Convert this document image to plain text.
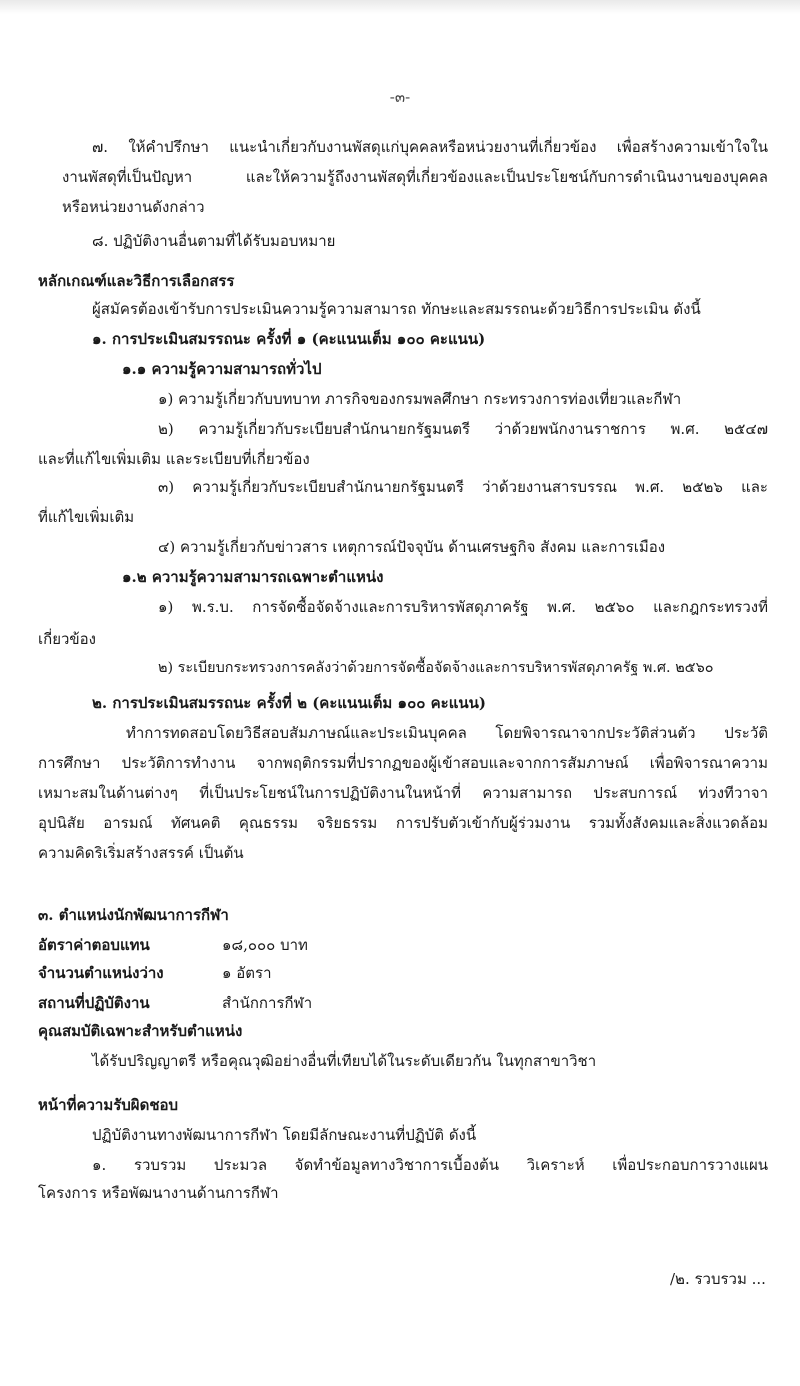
-๓-
๗. ให้คำปรึกษา แนะนำเกี่ยวกับงานพัสดุแก่บุคคลหรือหน่วยงานที่เกี่ยวข้อง เพื่อสร้างความเข้าใจใน
งานพัสดุที่เป็นปัญหา และให้ความรู้ถึงงานพัสดุที่เกี่ยวข้องและเป็นประโยชน์กับการดำเนินงานของบุคคล
หรือหน่วยงานดังกล่าว
๘. ปฏิบัติงานอื่นตามที่ได้รับมอบหมาย
หลักเกณฑ์และวิธีการเลือกสรร
ผู้สมัครต้องเข้ารับการประเมินความรู้ความสามารถ ทักษะและสมรรถนะด้วยวิธีการประเมิน ดังนี้
๑. การประเมินสมรรถนะ ครั้งที่ ๑ (คะแนนเต็ม ๑๐๐ คะแนน)
๑.๑ ความรู้ความสามารถทั่วไป
๑) ความรู้เกี่ยวกับบทบาท ภารกิจของกรมพลศึกษา กระทรวงการท่องเที่ยวและกีฬา
๒) ความรู้เกี่ยวกับระเบียบสำนักนายกรัฐมนตรี ว่าด้วยพนักงานราชการ พ.ศ. ๒๕๔๗
และที่แก้ไขเพิ่มเติม และระเบียบที่เกี่ยวข้อง
๓) ความรู้เกี่ยวกับระเบียบสำนักนายกรัฐมนตรี ว่าด้วยงานสารบรรณ พ.ศ. ๒๕๒๖ และ
ที่แก้ไขเพิ่มเติม
๔) ความรู้เกี่ยวกับข่าวสาร เหตุการณ์ปัจจุบัน ด้านเศรษฐกิจ สังคม และการเมือง
๑.๒ ความรู้ความสามารถเฉพาะตำแหน่ง
๑) พ.ร.บ. การจัดซื้อจัดจ้างและการบริหารพัสดุภาครัฐ พ.ศ. ๒๕๖๐ และกฎกระทรวงที่
เกี่ยวข้อง
๒) ระเบียบกระทรวงการคลังว่าด้วยการจัดซื้อจัดจ้างและการบริหารพัสดุภาครัฐ พ.ศ. ๒๕๖๐
๒. การประเมินสมรรถนะ ครั้งที่ ๒ (คะแนนเต็ม ๑๐๐ คะแนน)
ทำการทดสอบโดยวิธีสอบสัมภาษณ์และประเมินบุคคล โดยพิจารณาจากประวัติส่วนตัว ประวัติ
การศึกษา ประวัติการทำงาน จากพฤติกรรมที่ปรากฏของผู้เข้าสอบและจากการสัมภาษณ์ เพื่อพิจารณาความ
เหมาะสมในด้านต่างๆ ที่เป็นประโยชน์ในการปฏิบัติงานในหน้าที่ ความสามารถ ประสบการณ์ ท่วงทีวาจา
อุปนิสัย อารมณ์ ทัศนคติ คุณธรรม จริยธรรม การปรับตัวเข้ากับผู้ร่วมงาน รวมทั้งสังคมและสิ่งแวดล้อม
ความคิดริเริ่มสร้างสรรค์ เป็นต้น
๓. ตำแหน่งนักพัฒนาการกีฬา
อัตราค่าตอบแทน	๑๘,๐๐๐ บาท
จำนวนตำแหน่งว่าง	๑ อัตรา
สถานที่ปฏิบัติงาน	สำนักการกีฬา
คุณสมบัติเฉพาะสำหรับตำแหน่ง
ได้รับปริญญาตรี หรือคุณวุฒิอย่างอื่นที่เทียบได้ในระดับเดียวกัน ในทุกสาขาวิชา
หน้าที่ความรับผิดชอบ
ปฏิบัติงานทางพัฒนาการกีฬา โดยมีลักษณะงานที่ปฏิบัติ ดังนี้
๑. รวบรวม ประมวล จัดทำข้อมูลทางวิชาการเบื้องต้น วิเคราะห์ เพื่อประกอบการวางแผน
โครงการ หรือพัฒนางานด้านการกีฬา
/๒. รวบรวม ...
